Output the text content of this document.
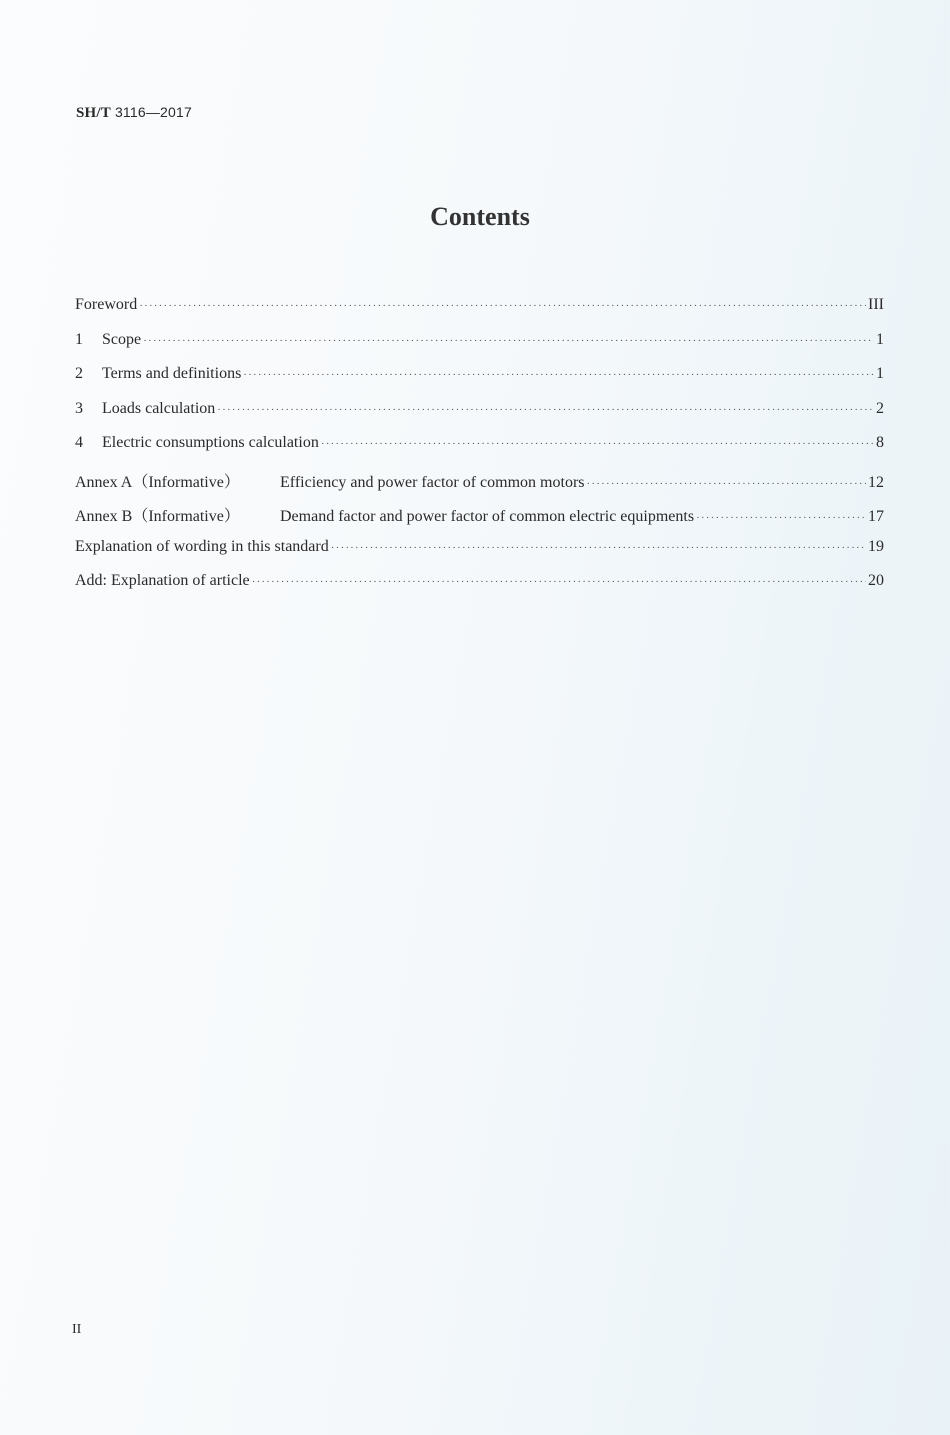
SH/T 3116—2017
Contents
Foreword ·····	III
1	Scope ·····	1
2	Terms and definitions ·····	1
3	Loads calculation ·····	2
4	Electric consumptions calculation ·····	8
Annex A（Informative）	Efficiency and power factor of common motors ·····	12
Annex B（Informative）	Demand factor and power factor of common electric equipments ·····	17
Explanation of wording in this standard ·····	19
Add: Explanation of article ·····	20
II
